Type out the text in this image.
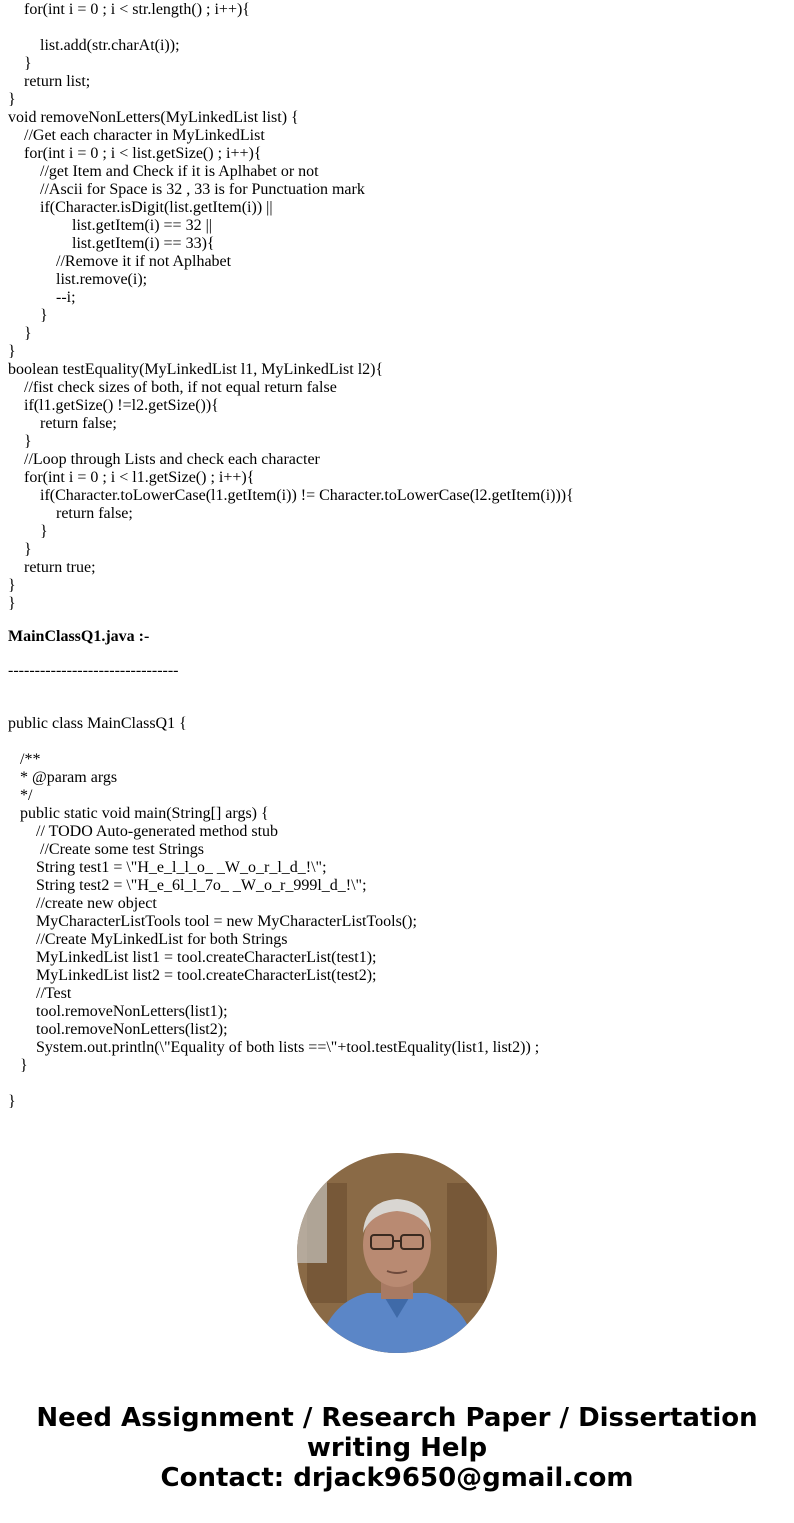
for(int i = 0 ; i < str.length() ; i++){

list.add(str.charAt(i));
}
return list;
}
void removeNonLetters(MyLinkedList list) {
//Get each character in MyLinkedList
for(int i = 0 ; i < list.getSize() ; i++){
//get Item and Check if it is Aplhabet or not
//Ascii for Space is 32 , 33 is for Punctuation mark
if(Character.isDigit(list.getItem(i)) ||
list.getItem(i) == 32 ||
list.getItem(i) == 33){
//Remove it if not Aplhabet
list.remove(i);
--i;
}
}
}
boolean testEquality(MyLinkedList l1, MyLinkedList l2){
//fist check sizes of both, if not equal return false
if(l1.getSize() !=l2.getSize()){
return false;
}
//Loop through Lists and check each character
for(int i = 0 ; i < l1.getSize() ; i++){
if(Character.toLowerCase(l1.getItem(i)) != Character.toLowerCase(l2.getItem(i))){
return false;
}
}
return true;
}
}
MainClassQ1.java :-
--------------------------------
public class MainClassQ1 {

/**
* @param args
*/
public static void main(String[] args) {
// TODO Auto-generated method stub
//Create some test Strings
String test1 = \"H_e_l_l_o_ _W_o_r_l_d_!\";
String test2 = \"H_e_6l_l_7o_ _W_o_r_999l_d_!\";
//create new object
MyCharacterListTools tool = new MyCharacterListTools();
//Create MyLinkedList for both Strings
MyLinkedList list1 = tool.createCharacterList(test1);
MyLinkedList list2 = tool.createCharacterList(test2);
//Test
tool.removeNonLetters(list1);
tool.removeNonLetters(list2);
System.out.println(\"Equality of both lists ==\"+tool.testEquality(list1, list2)) ;
}

}
Need Assignment / Research Paper / Dissertation
writing Help
Contact: drjack9650@gmail.com
